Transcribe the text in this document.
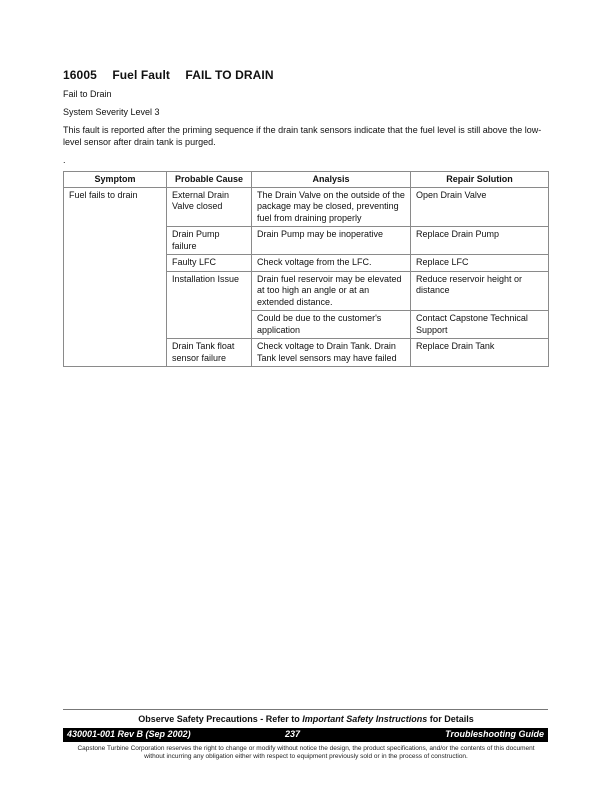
16005 Fuel Fault FAIL TO DRAIN
Fail to Drain
System Severity Level 3
This fault is reported after the priming sequence if the drain tank sensors indicate that the fuel level is still above the low-level sensor after drain tank is purged.
.
Symptom	Probable Cause	Analysis	Repair Solution
Fuel fails to drain	External Drain Valve closed	The Drain Valve on the outside of the package may be closed, preventing fuel from draining properly	Open Drain Valve
	Drain Pump failure	Drain Pump may be inoperative	Replace Drain Pump
	Faulty LFC	Check voltage from the LFC.	Replace LFC
	Installation Issue	Drain fuel reservoir may be elevated at too high an angle or at an extended distance.	Reduce reservoir height or distance
		Could be due to the customer's application	Contact Capstone Technical Support
	Drain Tank float sensor failure	Check voltage to Drain Tank. Drain Tank level sensors may have failed	Replace Drain Tank
Observe Safety Precautions - Refer to Important Safety Instructions for Details
430001-001 Rev B (Sep 2002)	237	Troubleshooting Guide
Capstone Turbine Corporation reserves the right to change or modify without notice the design, the product specifications, and/or the contents of this document without incurring any obligation either with respect to equipment previously sold or in the process of construction.
